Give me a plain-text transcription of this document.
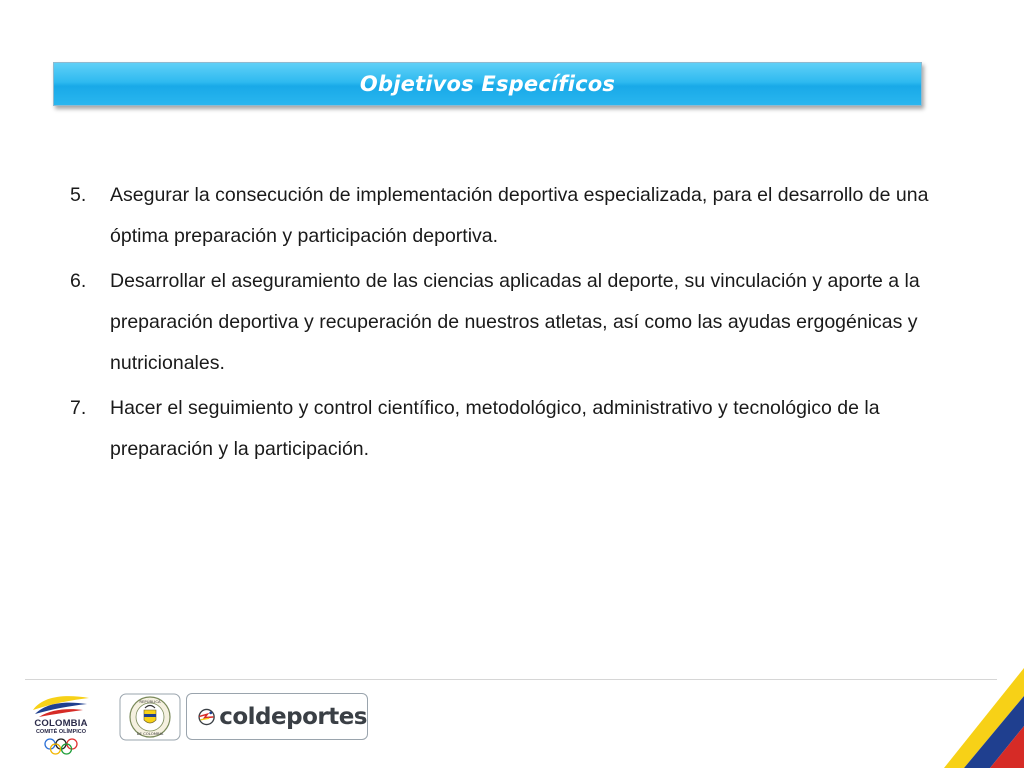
Objetivos Específicos
5.	Asegurar la consecución de implementación deportiva especializada, para el desarrollo de una óptima preparación y participación deportiva.
6.	Desarrollar el aseguramiento de las ciencias aplicadas al deporte, su vinculación y aporte a la preparación deportiva y recuperación de nuestros atletas, así como las ayudas ergogénicas y nutricionales.
7.	Hacer el seguimiento y control científico, metodológico, administrativo y tecnológico de la preparación y la participación.
COLOMBIA
COMITÉ OLÍMPICO
REPÚBLICA
DE COLOMBIA
coldeportes
